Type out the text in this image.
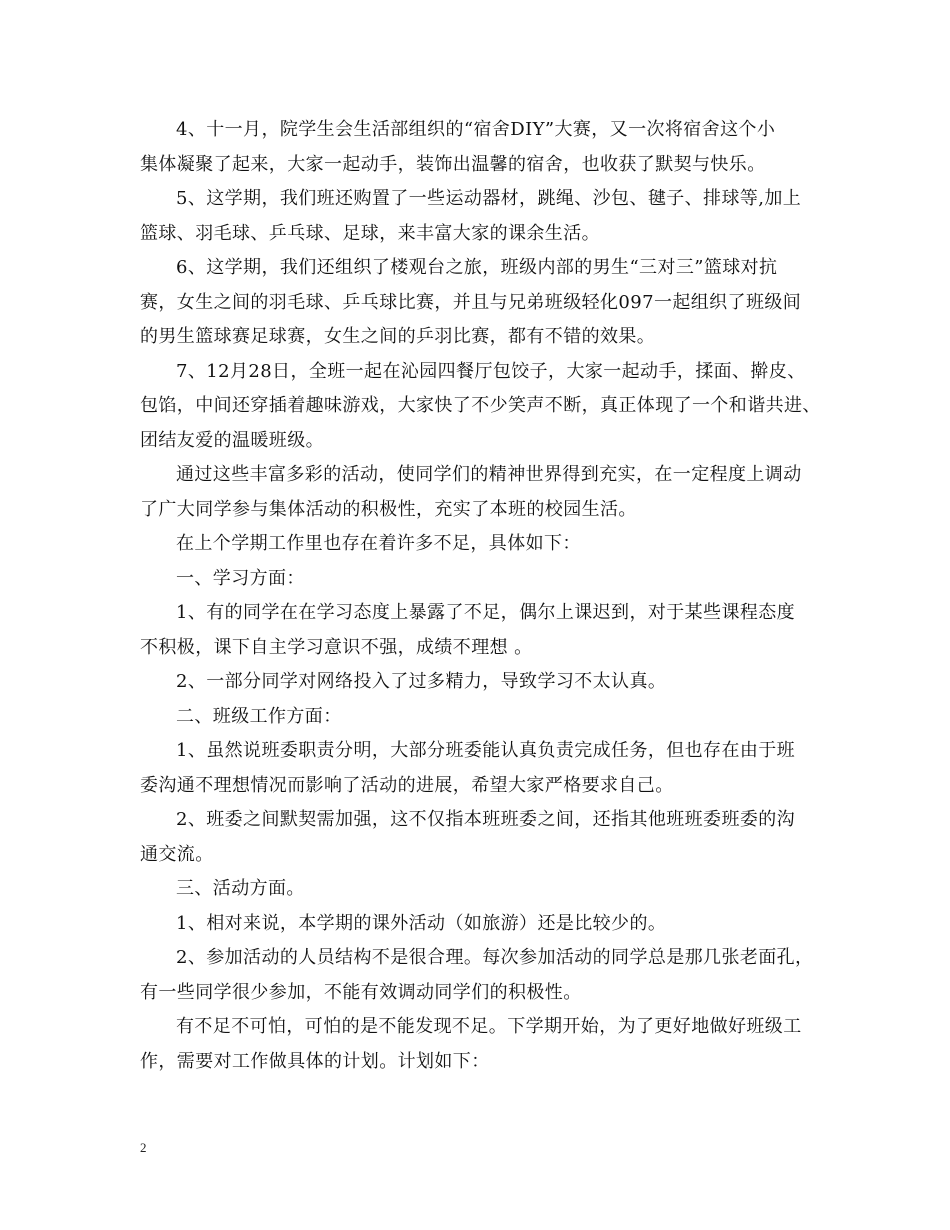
4、十一月，院学生会生活部组织的“宿舍DIY”大赛，又一次将宿舍这个小
集体凝聚了起来，大家一起动手，装饰出温馨的宿舍，也收获了默契与快乐。

5、这学期，我们班还购置了一些运动器材，跳绳、沙包、毽子、排球等,加上
篮球、羽毛球、乒乓球、足球，来丰富大家的课余生活。

6、这学期，我们还组织了楼观台之旅，班级内部的男生“三对三”篮球对抗
赛，女生之间的羽毛球、乒乓球比赛，并且与兄弟班级轻化097一起组织了班级间
的男生篮球赛足球赛，女生之间的乒羽比赛，都有不错的效果。

7、12月28日，全班一起在沁园四餐厅包饺子，大家一起动手，揉面、擀皮、
包馅，中间还穿插着趣味游戏，大家快了不少笑声不断，真正体现了一个和谐共进、
团结友爱的温暖班级。

通过这些丰富多彩的活动，使同学们的精神世界得到充实，在一定程度上调动
了广大同学参与集体活动的积极性，充实了本班的校园生活。

在上个学期工作里也存在着许多不足，具体如下：

一、学习方面：

1、有的同学在在学习态度上暴露了不足，偶尔上课迟到，对于某些课程态度
不积极，课下自主学习意识不强，成绩不理想 。

2、一部分同学对网络投入了过多精力，导致学习不太认真。

二、班级工作方面：

1、虽然说班委职责分明，大部分班委能认真负责完成任务，但也存在由于班
委沟通不理想情况而影响了活动的进展，希望大家严格要求自己。

2、班委之间默契需加强，这不仅指本班班委之间，还指其他班班委班委的沟
通交流。

三、活动方面。

1、相对来说，本学期的课外活动（如旅游）还是比较少的。

2、参加活动的人员结构不是很合理。每次参加活动的同学总是那几张老面孔，
有一些同学很少参加，不能有效调动同学们的积极性。

有不足不可怕，可怕的是不能发现不足。下学期开始，为了更好地做好班级工
作，需要对工作做具体的计划。计划如下：

2
